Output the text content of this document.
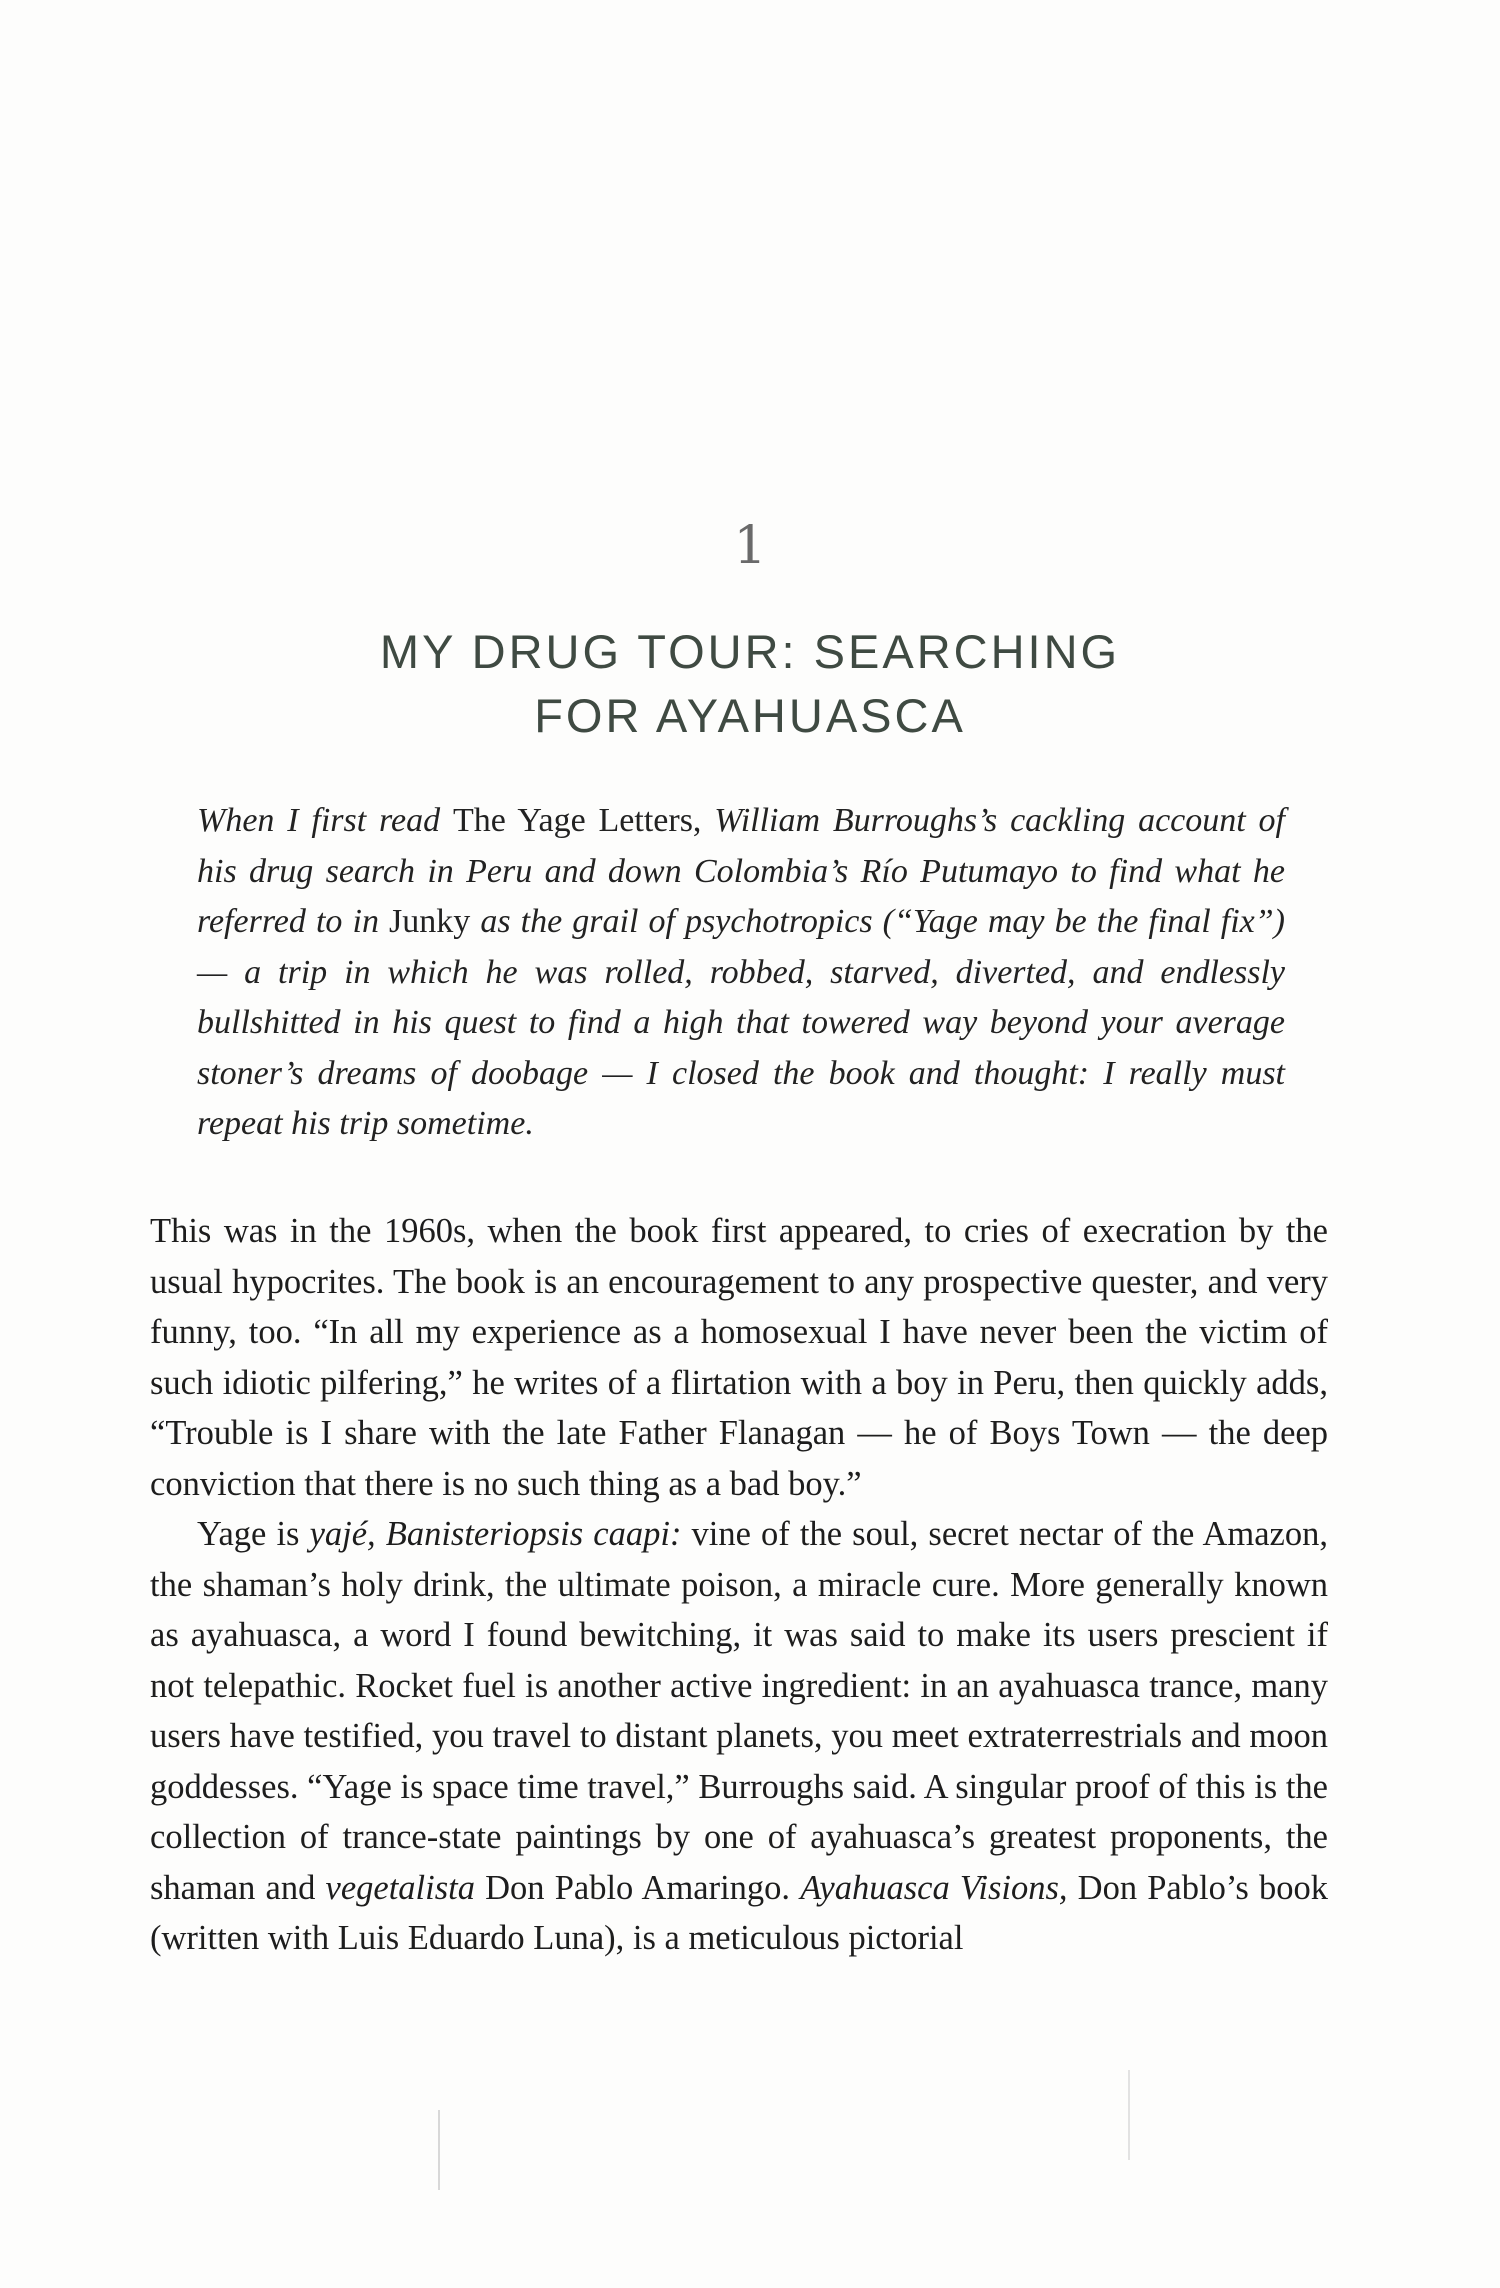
1
MY DRUG TOUR: SEARCHING
FOR AYAHUASCA
When I first read The Yage Letters, William Burroughs’s cackling account of his drug search in Peru and down Colombia’s Río Putumayo to find what he referred to in Junky as the grail of psychotropics (“Yage may be the final fix”) — a trip in which he was rolled, robbed, starved, diverted, and endlessly bullshitted in his quest to find a high that towered way beyond your average stoner’s dreams of doobage — I closed the book and thought: I really must repeat his trip sometime.

This was in the 1960s, when the book first appeared, to cries of execration by the usual hypocrites. The book is an encouragement to any prospective quester, and very funny, too. “In all my experience as a homosexual I have never been the victim of such idiotic pilfering,” he writes of a flirtation with a boy in Peru, then quickly adds, “Trouble is I share with the late Father Flanagan — he of Boys Town — the deep conviction that there is no such thing as a bad boy.”

Yage is yajé, Banisteriopsis caapi: vine of the soul, secret nectar of the Amazon, the shaman’s holy drink, the ultimate poison, a miracle cure. More generally known as ayahuasca, a word I found bewitching, it was said to make its users prescient if not telepathic. Rocket fuel is another active ingredient: in an ayahuasca trance, many users have testified, you travel to distant planets, you meet extraterrestrials and moon goddesses. “Yage is space time travel,” Burroughs said. A singular proof of this is the collection of trance-state paintings by one of ayahuasca’s greatest proponents, the shaman and vegetalista Don Pablo Amaringo. Ayahuasca Visions, Don Pablo’s book (written with Luis Eduardo Luna), is a meticulous pictorial
